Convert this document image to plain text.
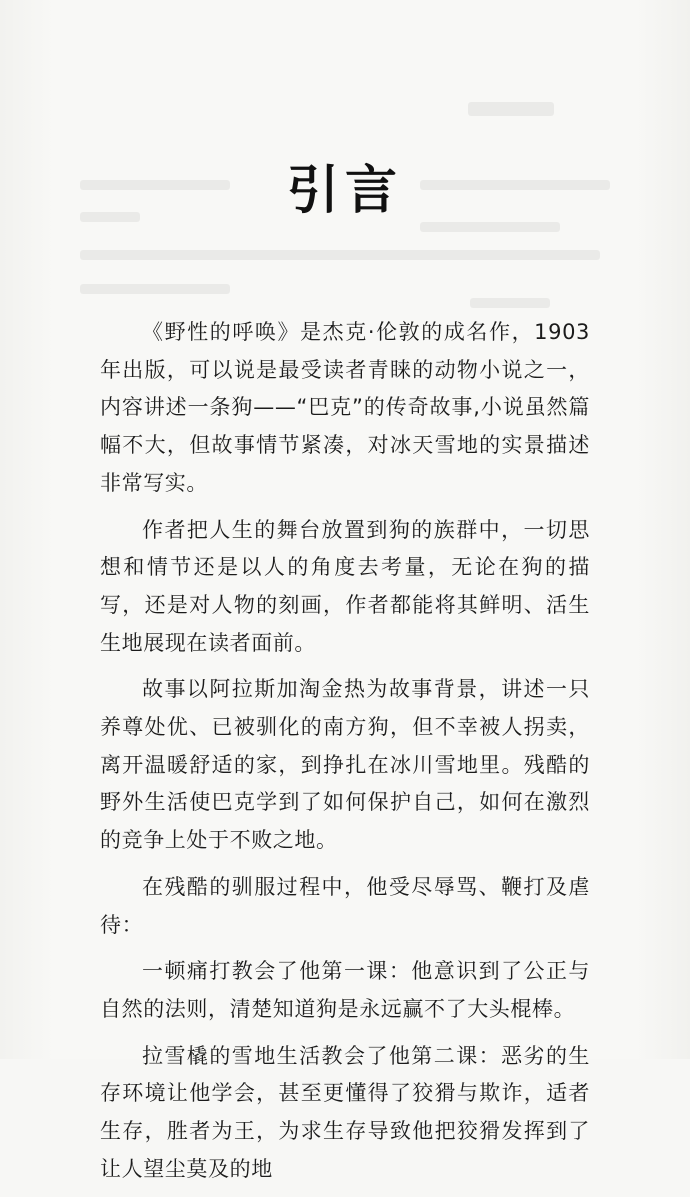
引言

《野性的呼唤》是杰克·伦敦的成名作，1903年出版，可以说是最受读者青睐的动物小说之一，内容讲述一条狗——“巴克”的传奇故事,小说虽然篇幅不大，但故事情节紧凑，对冰天雪地的实景描述非常写实。

作者把人生的舞台放置到狗的族群中，一切思想和情节还是以人的角度去考量，无论在狗的描写，还是对人物的刻画，作者都能将其鲜明、活生生地展现在读者面前。

故事以阿拉斯加淘金热为故事背景，讲述一只养尊处优、已被驯化的南方狗，但不幸被人拐卖，离开温暖舒适的家，到挣扎在冰川雪地里。残酷的野外生活使巴克学到了如何保护自己，如何在激烈的竞争上处于不败之地。

在残酷的驯服过程中，他受尽辱骂、鞭打及虐待：

一顿痛打教会了他第一课：他意识到了公正与自然的法则，清楚知道狗是永远赢不了大头棍棒。

拉雪橇的雪地生活教会了他第二课：恶劣的生存环境让他学会，甚至更懂得了狡猾与欺诈，适者生存，胜者为王，为求生存导致他把狡猾发挥到了让人望尘莫及的地
